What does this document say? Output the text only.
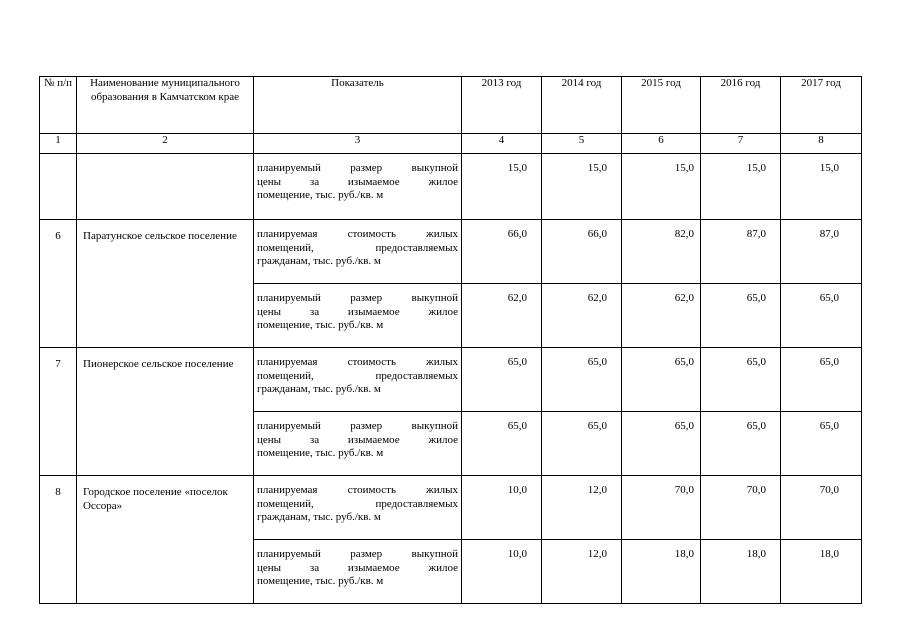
№ п/п	Наименование муниципального образования в Камчатском крае	Показатель	2013 год	2014 год	2015 год	2016 год	2017 год
1	2	3	4	5	6	7	8

		планируемый размер выкупной
цены за изымаемое жилое
помещение, тыс. руб./кв. м	15,0	15,0	15,0	15,0	15,0
6	Паратунское сельское поселение	планируемая стоимость жилых
помещений, предоставляемых
гражданам, тыс. руб./кв. м	66,0	66,0	82,0	87,0	87,0

		планируемый размер выкупной
цены за изымаемое жилое
помещение, тыс. руб./кв. м	62,0	62,0	62,0	65,0	65,0
7	Пионерское сельское поселение	планируемая стоимость жилых
помещений, предоставляемых
гражданам, тыс. руб./кв. м	65,0	65,0	65,0	65,0	65,0

		планируемый размер выкупной
цены за изымаемое жилое
помещение, тыс. руб./кв. м	65,0	65,0	65,0	65,0	65,0
8	Городское поселение «поселок Оссора»	планируемая стоимость жилых
помещений, предоставляемых
гражданам, тыс. руб./кв. м	10,0	12,0	70,0	70,0	70,0

		планируемый размер выкупной
цены за изымаемое жилое
помещение, тыс. руб./кв. м	10,0	12,0	18,0	18,0	18,0
